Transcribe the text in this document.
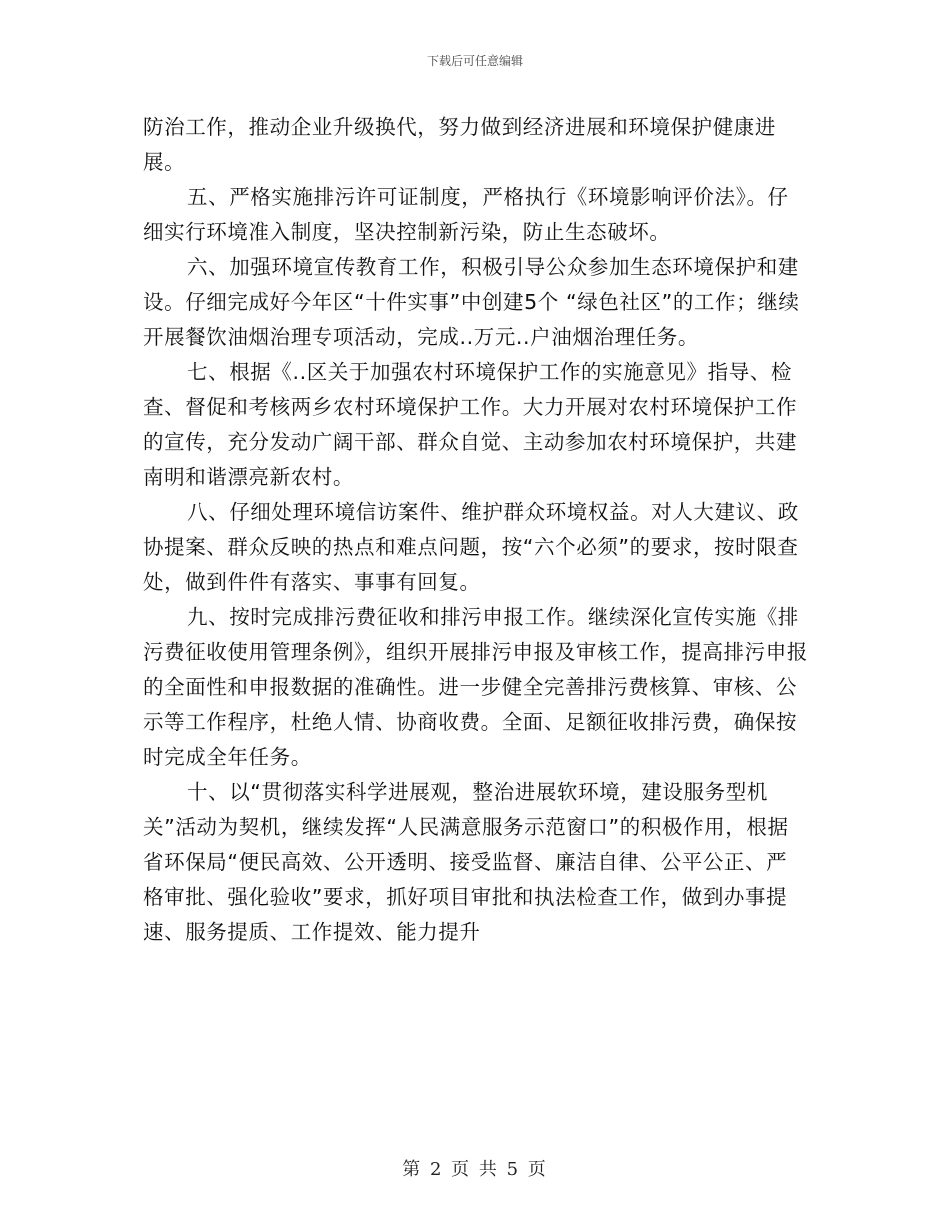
下载后可任意编辑

防治工作，推动企业升级换代，努力做到经济进展和环境保护健康进展。

五、严格实施排污许可证制度，严格执行《环境影响评价法》。仔细实行环境准入制度，坚决控制新污染，防止生态破坏。

六、加强环境宣传教育工作，积极引导公众参加生态环境保护和建设。仔细完成好今年区“十件实事”中创建5个 “绿色社区”的工作；继续开展餐饮油烟治理专项活动，完成..万元..户油烟治理任务。

七、根据《..区关于加强农村环境保护工作的实施意见》指导、检查、督促和考核两乡农村环境保护工作。大力开展对农村环境保护工作的宣传，充分发动广阔干部、群众自觉、主动参加农村环境保护，共建南明和谐漂亮新农村。

八、仔细处理环境信访案件、维护群众环境权益。对人大建议、政协提案、群众反映的热点和难点问题，按“六个必须”的要求，按时限查处，做到件件有落实、事事有回复。

九、按时完成排污费征收和排污申报工作。继续深化宣传实施《排污费征收使用管理条例》，组织开展排污申报及审核工作，提高排污申报的全面性和申报数据的准确性。进一步健全完善排污费核算、审核、公示等工作程序，杜绝人情、协商收费。全面、足额征收排污费，确保按时完成全年任务。

十、以“贯彻落实科学进展观，整治进展软环境，建设服务型机关”活动为契机，继续发挥“人民满意服务示范窗口”的积极作用，根据省环保局“便民高效、公开透明、接受监督、廉洁自律、公平公正、严格审批、强化验收”要求，抓好项目审批和执法检查工作，做到办事提速、服务提质、工作提效、能力提升

第 2 页 共 5 页
